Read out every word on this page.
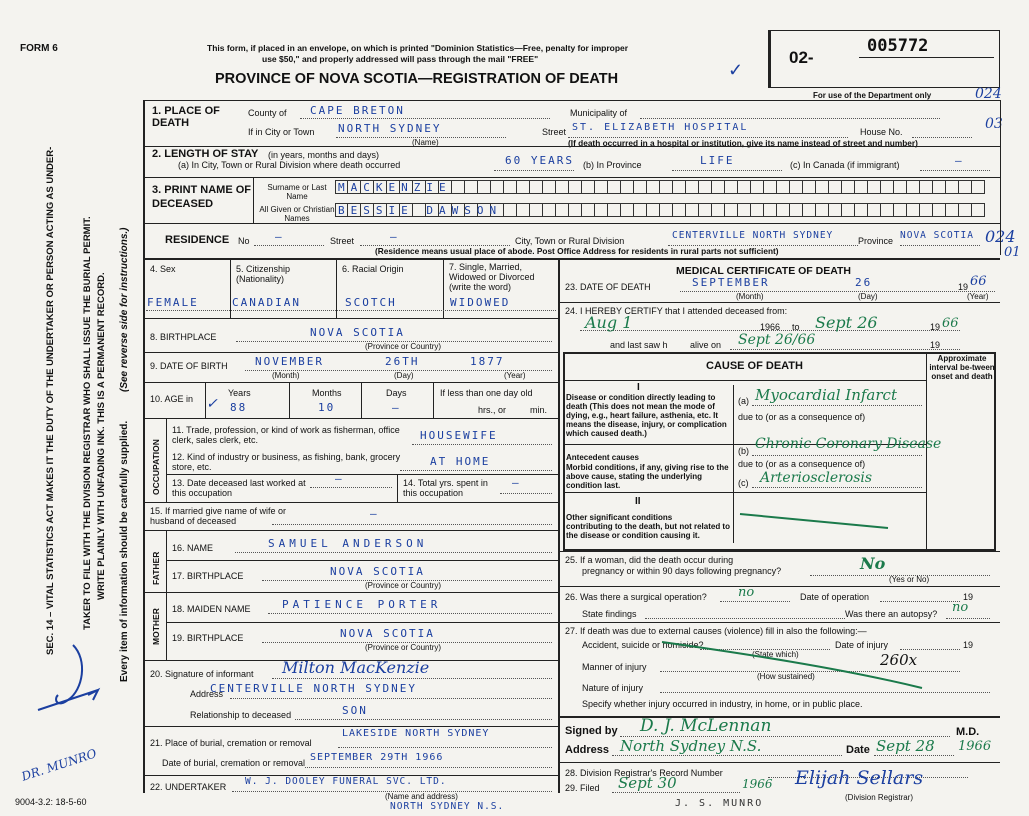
FORM 6	This form, if placed in an envelope, on which is printed "Dominion Statistics—Free, penalty for improper
use $50," and properly addressed will pass through the mail "FREE"
PROVINCE OF NOVA SCOTIA—REGISTRATION OF DEATH	✓
02-
005772
For use of the Department only	024
03
024
01
SEC. 14 – VITAL STATISTICS ACT MAKES IT THE DUTY OF THE UNDERTAKER OR PERSON ACTING AS UNDER-	TAKER TO FILE WITH THE DIVISION REGISTRAR WHO SHALL ISSUE THE BURIAL PERMIT. WRITE PLAINLY WITH UNFADING INK. THIS IS A PERMANENT RECORD. Every item of information should be carefully supplied.
(See reverse side for instructions.)
DR. MUNRO
1. PLACE OF DEATH
County of CAPE BRETON	Municipality of
If in City or Town NORTH SYDNEY
(Name)
Street ST. ELIZABETH HOSPITAL	House No.
(If death occurred in a hospital or institution, give its name instead of street and number)
2. LENGTH OF STAY (in years, months and days)
(a) In City, Town or Rural Division where death occurred	60 YEARS (b) In Province	LIFE	(c) In Canada (if immigrant)	—
3. PRINT NAME OF DECEASED
Surname or Last Name
All Given or Christian Names
MACKENZIE
BESSIE DAWSON
RESIDENCE No —	Street	—	City, Town or Rural Division	CENTERVILLE NORTH SYDNEY	Province NOVA SCOTIA
(Residence means usual place of abode. Post Office Address for residents in rural parts not sufficient)
4. Sex	5. Citizenship (Nationality)
6. Racial Origin	7. Single, Married, Widowed or Divorced (write the word)
FEMALE	CANADIAN	SCOTCH	WIDOWED
8. BIRTHPLACE	NOVA SCOTIA
(Province or Country)
9. DATE OF BIRTH NOVEMBER	26TH	1877
(Month)	(Day)	(Year)
10. AGE in
Years	Months	Days	If less than one day old
✓ 88	10	—	hrs., or	min.
OCCUPATION
11. Trade, profession, or kind of work as fisherman, office clerk, sales clerk, etc.	HOUSEWIFE
12. Kind of industry or business, as fishing, bank, grocery store, etc.	AT HOME
13. Date deceased last worked at this occupation
—	14. Total yrs. spent in this occupation
—
15. If married give name of wife or husband of deceased
—
FATHER
16. NAME	SAMUEL ANDERSON
17. BIRTHPLACE	NOVA SCOTIA
(Province or Country)
MOTHER 18. MAIDEN NAME	PATIENCE PORTER
19. BIRTHPLACE	NOVA SCOTIA
(Province or Country)
20. Signature of informant Milton MacKenzie
Address
CENTERVILLE NORTH SYDNEY
Relationship to deceased	SON
21. Place of burial, cremation or removal
LAKESIDE NORTH SYDNEY
Date of burial, cremation or removal SEPTEMBER 29TH 1966
22. UNDERTAKER W. J. DOOLEY FUNERAL SVC. LTD.
(Name and address)
NORTH SYDNEY N.S.
MEDICAL CERTIFICATE OF DEATH
23. DATE OF DEATH	SEPTEMBER	26	19 66
(Month)	(Day)	(Year)
24. I HEREBY CERTIFY that I attended deceased from:
Aug 1	1966 to Sept 26	19 66
and last saw h alive on Sept 26/66	19
CAUSE OF DEATH
Approximate interval be-tween onset and death
I
Disease or condition directly leading to death (This does not mean the mode of dying, e.g., heart failure, asthenia, etc. It means the disease, injury, or complication which caused death.)
(a) Myocardial Infarct
due to (or as a consequence of)
Antecedent causes
Morbid conditions, if any, giving rise to the above cause, stating the underlying condition last.
(b) Chronic Coronary Disease
due to (or as a consequence of)
(c) Arteriosclerosis
II
Other significant conditions
contributing to the death, but not related to the disease or condition causing it.
25. If a woman, did the death occur during
pregnancy or within 90 days following pregnancy?	No
(Yes or No)
26. Was there a surgical operation? no	Date of operation	19
State findings	Was there an autopsy? no
27. If death was due to external causes (violence) fill in also the following:—
Accident, suicide or homicide?
(State which)
Date of injury	19
Manner of injury	260x
(How sustained)
Nature of injury
Specify whether injury occurred in industry, in home, or in public place.
Signed by D. J. McLennan	M.D.
Address North Sydney N.S.	Date Sept 28 1966
28. Division Registrar's Record Number
29. Filed Sept 30	1966 Elijah Sellars
(Division Registrar)
J. S. MUNRO
9004-3.2: 18-5-60
